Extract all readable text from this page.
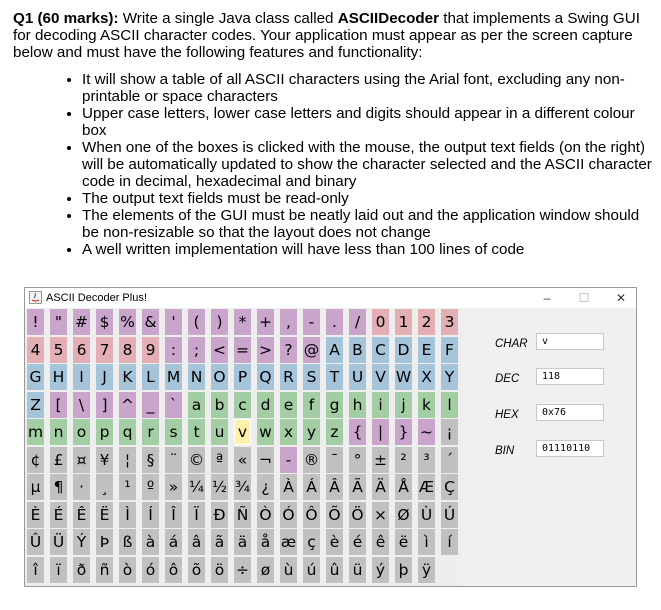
Q1 (60 marks): Write a single Java class called ASCIIDecoder that implements a Swing GUI for decoding ASCII character codes. Your application must appear as per the screen capture below and must have the following features and functionality:

• It will show a table of all ASCII characters using the Arial font, excluding any non-printable or space characters
• Upper case letters, lower case letters and digits should appear in a different colour box
• When one of the boxes is clicked with the mouse, the output text fields (on the right) will be automatically updated to show the character selected and the ASCII character code in decimal, hexadecimal and binary
• The output text fields must be read-only
• The elements of the GUI must be neatly laid out and the application window should be non-resizable so that the layout does not change
• A well written implementation will have less than 100 lines of code
ASCII Decoder Plus!	–	☐	✕
!	" # $ % & '	(	)	* + ,	-	.	/ 0 1 2 3
4 5 6 7 8 9 :	; < = > ? @ A B C D E F
G H I	J	K L M N O P Q R S T U V W X Y
Z [	\	] ^ _ ` a b c d e	f g h	i	j	k	l
m n o p q r	s	t u v w x y z { | } ~ ¡
¢ £ ¤ ¥ ¦	§ ¨ © ª « ¬ - ® ¯ ° ± ²	³	´
µ ¶	·	¸	¹	º » ¼ ½ ¾ ¿ À Á Â Ã Ä Å Æ Ç
È É Ê Ë	Ì	Í	Î	Ï Ð Ñ Ò Ó Ô Õ Ö × Ø Ù Ú
Û Ü Ý Þ ß à á â ã ä å æ ç è é ê ë	ì	í
î	ï	ð ñ ò ó ô õ ö ÷ ø ù ú û ü ý þ ÿ
CHAR	v
DEC	118
HEX	0x76
BIN	01110110
